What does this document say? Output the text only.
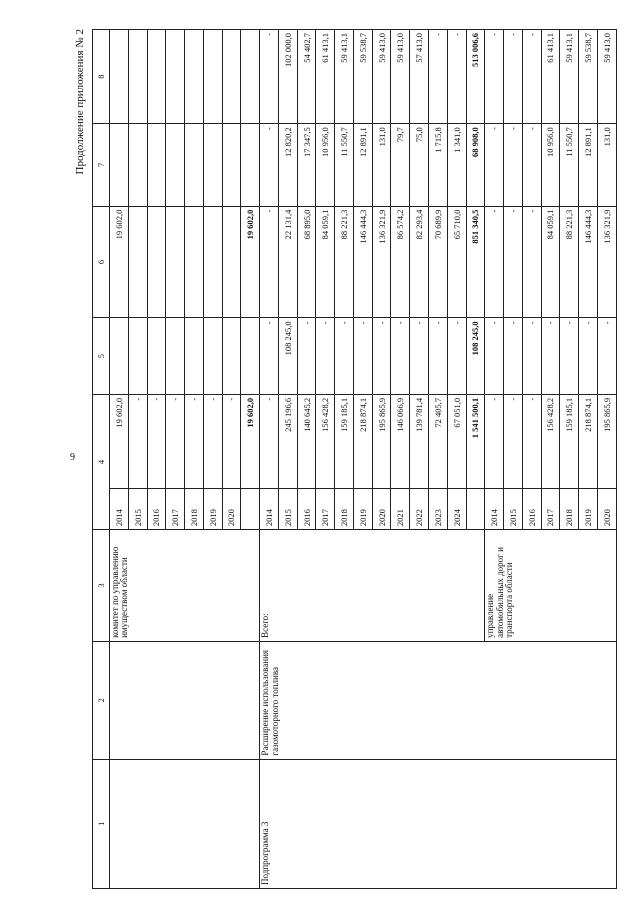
9
Продолжение приложения № 2
1	2	3	4		5	6	7	8
		комитет по управлению имуществом области	2014	19 602,0		19 602,0		
			2015	-				
			2016	-				
			2017	-				
			2018	-				
			2019	-				
			2020	-				
				19 602,0		19 602,0		
Подпрограмма 3	Расширение использования газомоторного топлива	Всего:	2014	-	-	-	-	-
			2015	245 196,6	108 245,0	22 131,4	12 820,2	102 000,0
			2016	140 645,2	-	68 895,0	17 347,5	54 402,7
			2017	156 428,2	-	84 059,1	10 956,0	61 413,1
			2018	159 185,1	-	88 221,3	11 550,7	59 413,1
			2019	218 874,1	-	146 444,3	12 891,1	59 538,7
			2020	195 865,9	-	136 321,9	131,0	59 413,0
			2021	146 066,9	-	86 574,2	79,7	59 413,0
			2022	139 781,4	-	82 293,4	75,0	57 413,0
			2023	72 405,7	-	70 689,9	1 715,8	-
			2024	67 051,0	-	65 710,0	1 341,0	-
				1 541 500,1	108 245,0	851 340,5	68 908,0	513 006,6
		управление автомобильных дорог и транспорта области	2014	-	-	-	-	-
			2015	-	-	-	-	-
			2016	-	-	-	-	-
			2017	156 428,2	-	84 059,1	10 956,0	61 413,1
			2018	159 185,1	-	88 221,3	11 550,7	59 413,1
			2019	218 874,1	-	146 444,3	12 891,1	59 538,7
			2020	195 865,9	-	136 321,9	131,0	59 413,0
